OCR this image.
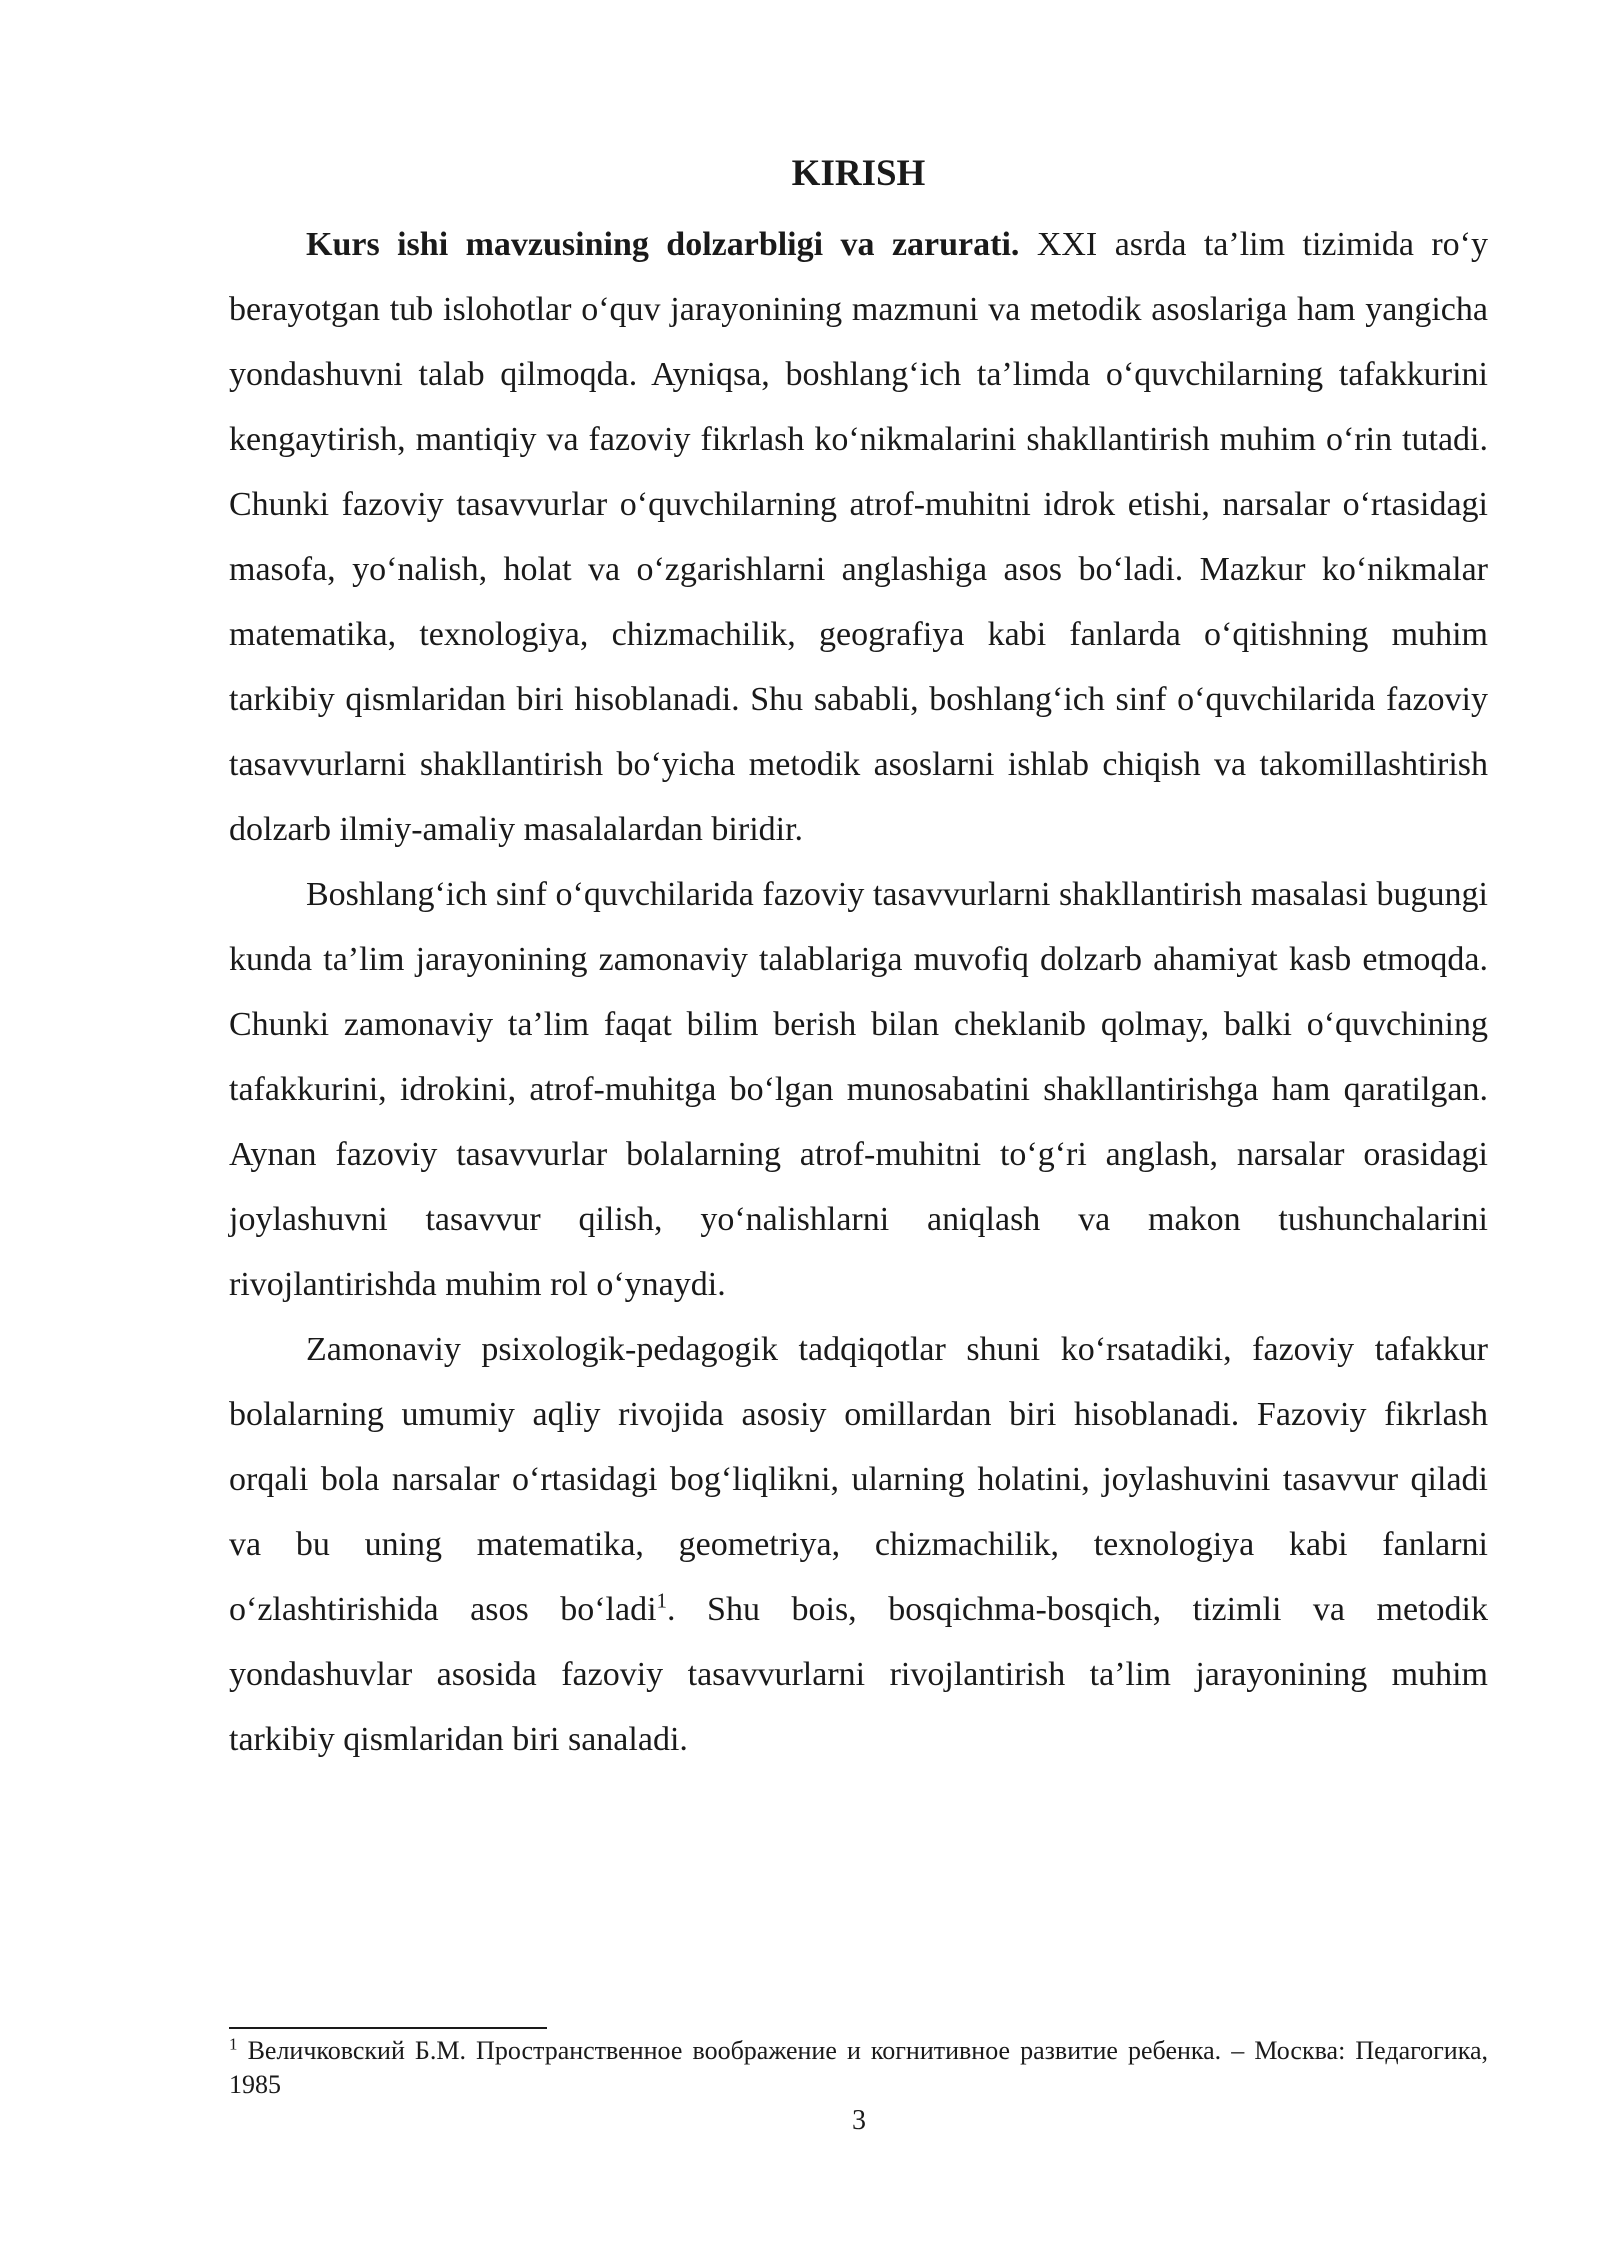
KIRISH

Kurs ishi mavzusining dolzarbligi va zarurati. XXI asrda ta’lim tizimida ro‘y berayotgan tub islohotlar o‘quv jarayonining mazmuni va metodik asoslariga ham yangicha yondashuvni talab qilmoqda. Ayniqsa, boshlang‘ich ta’limda o‘quvchilarning tafakkurini kengaytirish, mantiqiy va fazoviy fikrlash ko‘nikmalarini shakllantirish muhim o‘rin tutadi. Chunki fazoviy tasavvurlar o‘quvchilarning atrof-muhitni idrok etishi, narsalar o‘rtasidagi masofa, yo‘nalish, holat va o‘zgarishlarni anglashiga asos bo‘ladi. Mazkur ko‘nikmalar matematika, texnologiya, chizmachilik, geografiya kabi fanlarda o‘qitishning muhim tarkibiy qismlaridan biri hisoblanadi. Shu sababli, boshlang‘ich sinf o‘quvchilarida fazoviy tasavvurlarni shakllantirish bo‘yicha metodik asoslarni ishlab chiqish va takomillashtirish dolzarb ilmiy-amaliy masalalardan biridir.

Boshlang‘ich sinf o‘quvchilarida fazoviy tasavvurlarni shakllantirish masalasi bugungi kunda ta’lim jarayonining zamonaviy talablariga muvofiq dolzarb ahamiyat kasb etmoqda. Chunki zamonaviy ta’lim faqat bilim berish bilan cheklanib qolmay, balki o‘quvchining tafakkurini, idrokini, atrof-muhitga bo‘lgan munosabatini shakllantirishga ham qaratilgan. Aynan fazoviy tasavvurlar bolalarning atrof-muhitni to‘g‘ri anglash, narsalar orasidagi joylashuvni tasavvur qilish, yo‘nalishlarni aniqlash va makon tushunchalarini rivojlantirishda muhim rol o‘ynaydi.

Zamonaviy psixologik-pedagogik tadqiqotlar shuni ko‘rsatadiki, fazoviy tafakkur bolalarning umumiy aqliy rivojida asosiy omillardan biri hisoblanadi. Fazoviy fikrlash orqali bola narsalar o‘rtasidagi bog‘liqlikni, ularning holatini, joylashuvini tasavvur qiladi va bu uning matematika, geometriya, chizmachilik, texnologiya kabi fanlarni o‘zlashtirishida asos bo‘ladi$^1$. Shu bois, bosqichma-bosqich, tizimli va metodik yondashuvlar asosida fazoviy tasavvurlarni rivojlantirish ta’lim jarayonining muhim tarkibiy qismlaridan biri sanaladi.

$^1$ Величковский Б.М. Пространственное воображение и когнитивное развитие ребенка. – Москва: Педагогика, 1985

3
